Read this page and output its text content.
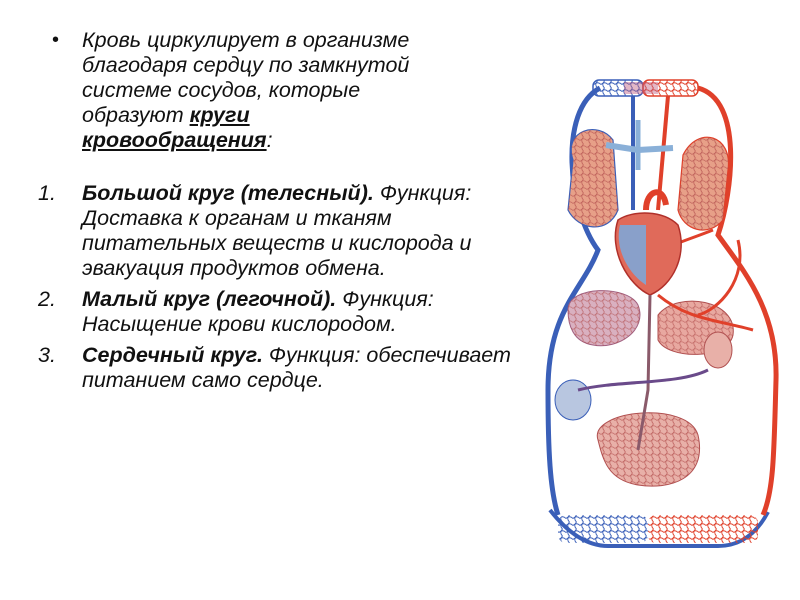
• Кровь циркулирует в организме
благодаря сердцу по замкнутой
системе сосудов, которые
образуют круги
кровообращения:
1. Большой круг (телесный). Функция: Доставка к органам и тканям питательных веществ и кислорода и эвакуация продуктов обмена.
2. Малый круг (легочной). Функция: Насыщение крови кислородом.
3. Сердечный круг. Функция: обеспечивает питанием само сердце.
